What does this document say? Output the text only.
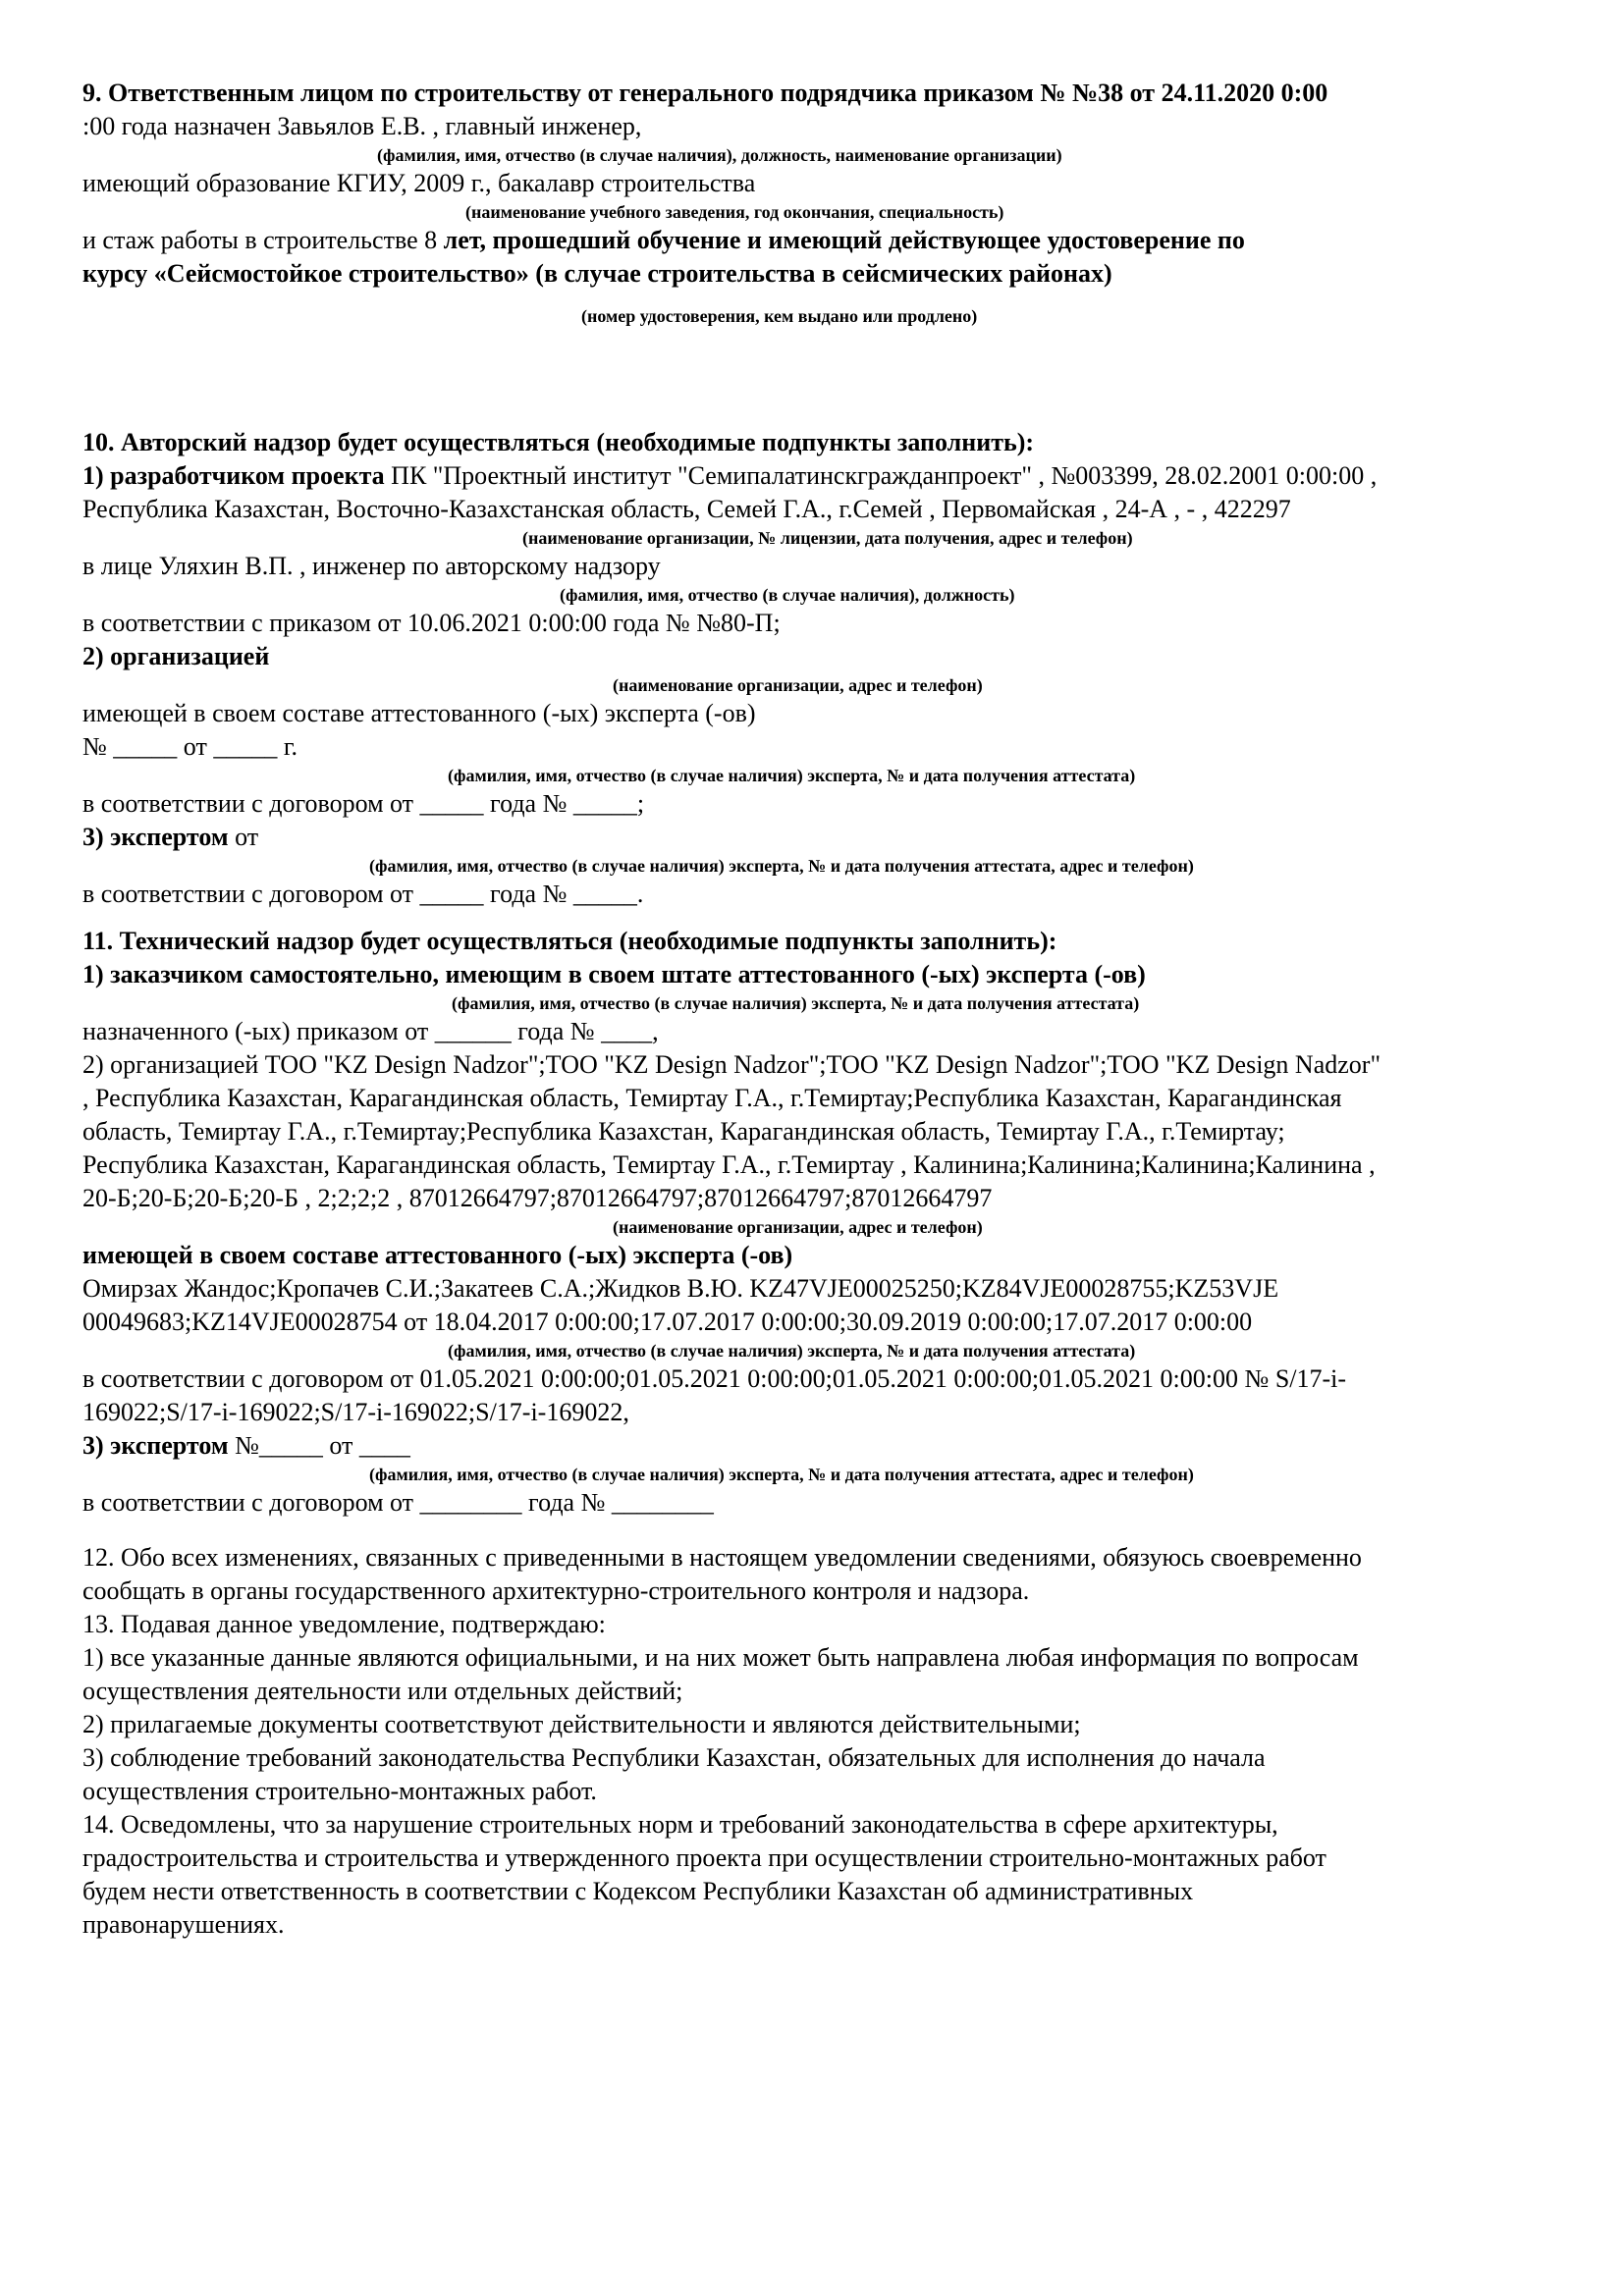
9. Ответственным лицом по строительству от генерального подрядчика приказом № №38 от 24.11.2020 0:00
:00 года назначен Завьялов Е.В. , главный инженер,
(фамилия, имя, отчество (в случае наличия), должность, наименование организации)
имеющий образование КГИУ, 2009 г., бакалавр строительства
(наименование учебного заведения, год окончания, специальность)
и стаж работы в строительстве 8 лет, прошедший обучение и имеющий действующее удостоверение по
курсу «Сейсмостойкое строительство» (в случае строительства в сейсмических районах)
(номер удостоверения, кем выдано или продлено)
10. Авторский надзор будет осуществляться (необходимые подпункты заполнить):
1) разработчиком проекта ПК "Проектный институт "Семипалатинскгражданпроект" , №003399, 28.02.2001 0:00:00 ,
Республика Казахстан, Восточно-Казахстанская область, Семей Г.А., г.Семей , Первомайская , 24-А , - , 422297
(наименование организации, № лицензии, дата получения, адрес и телефон)
в лице Уляхин В.П. , инженер по авторскому надзору
(фамилия, имя, отчество (в случае наличия), должность)
в соответствии с приказом от 10.06.2021 0:00:00 года № №80-П;
2) организацией
(наименование организации, адрес и телефон)
имеющей в своем составе аттестованного (-ых) эксперта (-ов)
№ _____ от _____ г.
(фамилия, имя, отчество (в случае наличия) эксперта, № и дата получения аттестата)
в соответствии с договором от _____ года № _____;
3) экспертом от
(фамилия, имя, отчество (в случае наличия) эксперта, № и дата получения аттестата, адрес и телефон)
в соответствии с договором от _____ года № _____.
11. Технический надзор будет осуществляться (необходимые подпункты заполнить):
1) заказчиком самостоятельно, имеющим в своем штате аттестованного (-ых) эксперта (-ов)
(фамилия, имя, отчество (в случае наличия) эксперта, № и дата получения аттестата)
назначенного (-ых) приказом от ______ года № ____,
2) организацией ТОО "KZ Design Nadzor";ТОО "KZ Design Nadzor";ТОО "KZ Design Nadzor";ТОО "KZ Design Nadzor"
, Республика Казахстан, Карагандинская область, Темиртау Г.А., г.Темиртау;Республика Казахстан, Карагандинская
область, Темиртау Г.А., г.Темиртау;Республика Казахстан, Карагандинская область, Темиртау Г.А., г.Темиртау;
Республика Казахстан, Карагандинская область, Темиртау Г.А., г.Темиртау , Калинина;Калинина;Калинина;Калинина ,
20-Б;20-Б;20-Б;20-Б , 2;2;2;2 , 87012664797;87012664797;87012664797;87012664797
(наименование организации, адрес и телефон)
имеющей в своем составе аттестованного (-ых) эксперта (-ов)
Омирзах Жандос;Кропачев С.И.;Закатеев С.А.;Жидков В.Ю. KZ47VJE00025250;KZ84VJE00028755;KZ53VJE
00049683;KZ14VJE00028754 от 18.04.2017 0:00:00;17.07.2017 0:00:00;30.09.2019 0:00:00;17.07.2017 0:00:00
(фамилия, имя, отчество (в случае наличия) эксперта, № и дата получения аттестата)
в соответствии с договором от 01.05.2021 0:00:00;01.05.2021 0:00:00;01.05.2021 0:00:00;01.05.2021 0:00:00 № S/17-i-
169022;S/17-i-169022;S/17-i-169022;S/17-i-169022,
3) экспертом №_____ от ____
(фамилия, имя, отчество (в случае наличия) эксперта, № и дата получения аттестата, адрес и телефон)
в соответствии с договором от ________ года № ________
12. Обо всех изменениях, связанных с приведенными в настоящем уведомлении сведениями, обязуюсь своевременно
сообщать в органы государственного архитектурно-строительного контроля и надзора.
13. Подавая данное уведомление, подтверждаю:
1) все указанные данные являются официальными, и на них может быть направлена любая информация по вопросам
осуществления деятельности или отдельных действий;
2) прилагаемые документы соответствуют действительности и являются действительными;
3) соблюдение требований законодательства Республики Казахстан, обязательных для исполнения до начала
осуществления строительно-монтажных работ.
14. Осведомлены, что за нарушение строительных норм и требований законодательства в сфере архитектуры,
градостроительства и строительства и утвержденного проекта при осуществлении строительно-монтажных работ
будем нести ответственность в соответствии с Кодексом Республики Казахстан об административных
правонарушениях.
